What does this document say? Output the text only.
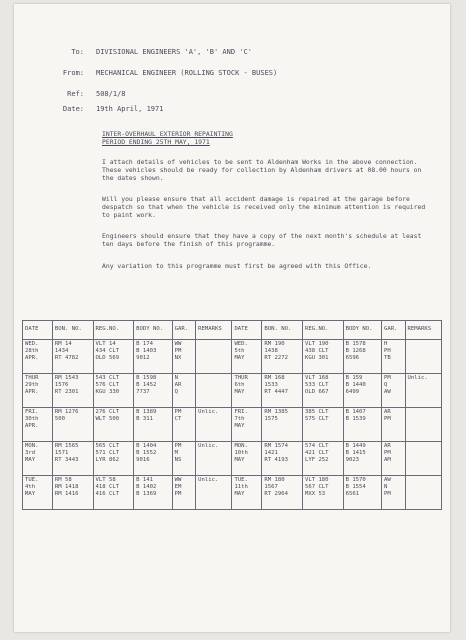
To: DIVISIONAL ENGINEERS 'A', 'B' AND 'C'
From: MECHANICAL ENGINEER (ROLLING STOCK - BUSES)
Ref: 508/1/8
Date: 19th April, 1971

INTER-OVERHAUL EXTERIOR REPAINTING

PERIOD ENDING 25TH MAY, 1971

I attach details of vehicles to be sent to Aldenham Works in the above connection. These vehicles should be ready for collection by Aldenham drivers at 08.00 hours on the dates shown.

Will you please ensure that all accident damage is repaired at the garage before despatch so that when the vehicle is received only the minimum attention is required to paint work.

Engineers should ensure that they have a copy of the next month's schedule at least ten days before the finish of this programme.

Any variation to this programme must first be agreed with this Office.

DATE	BON. NO.	REG.NO.	BODY NO.	GAR.	REMARKS	DATE	BON. NO.	REG.NO.	BODY NO.	GAR.	REMARKS

WED.
28th
APR.	RM 14
1434
RT 4782	VLT 14
434 CLT
OLD 569	B 174
B 1403
9012	WW
PM
NX		WED.
5th
MAY	RM 190
1438
RT 2272	VLT 190
438 CLT
KGU 301	B 1578
B 1268
6596	H
PH
TB	

THUR
29th
APR.	RM 1543
1576
RT 2301	543 CLT
576 CLT
KGU 330	B 1598
B 1452
7737	N
AR
Q		THUR
6th
MAY	RM 168
1533
RT 4447	VLT 168
533 CLT
OLD 667	B 159
B 1440
6499	PM
Q
AW	Unlic.

FRI.
30th
APR.	RM 1276
500	276 CLT
WLT 500	B 1389
B 311	PM
CT	Unlic.	FRI.
7th
MAY	RM 1385
1575	385 CLT
575 CLT	B 1407
B 1539	AR
PM	

MON.
3rd
MAY	RM 1565
1571
RT 3443	565 CLT
571 CLT
LYR 862	B 1404
B 1552
9016	PM
M
NS	Unlic.	MON.
10th
MAY	RM 1574
1421
RT 4193	574 CLT
421 CLT
LYF 252	B 1449
B 1415
9023	AR
PM
AM	

TUE.
4th
MAY	RM 58
RM 1418
RM 1416	VLT 58
418 CLT
416 CLT	B 141
B 1402
B 1369	WW
EM
PM	Unlic.	TUE.
11th
MAY	RM 180
1567
RT 2964	VLT 180
567 CLT
MXX 53	B 1570
B 1554
6561	AW
N
PM	
